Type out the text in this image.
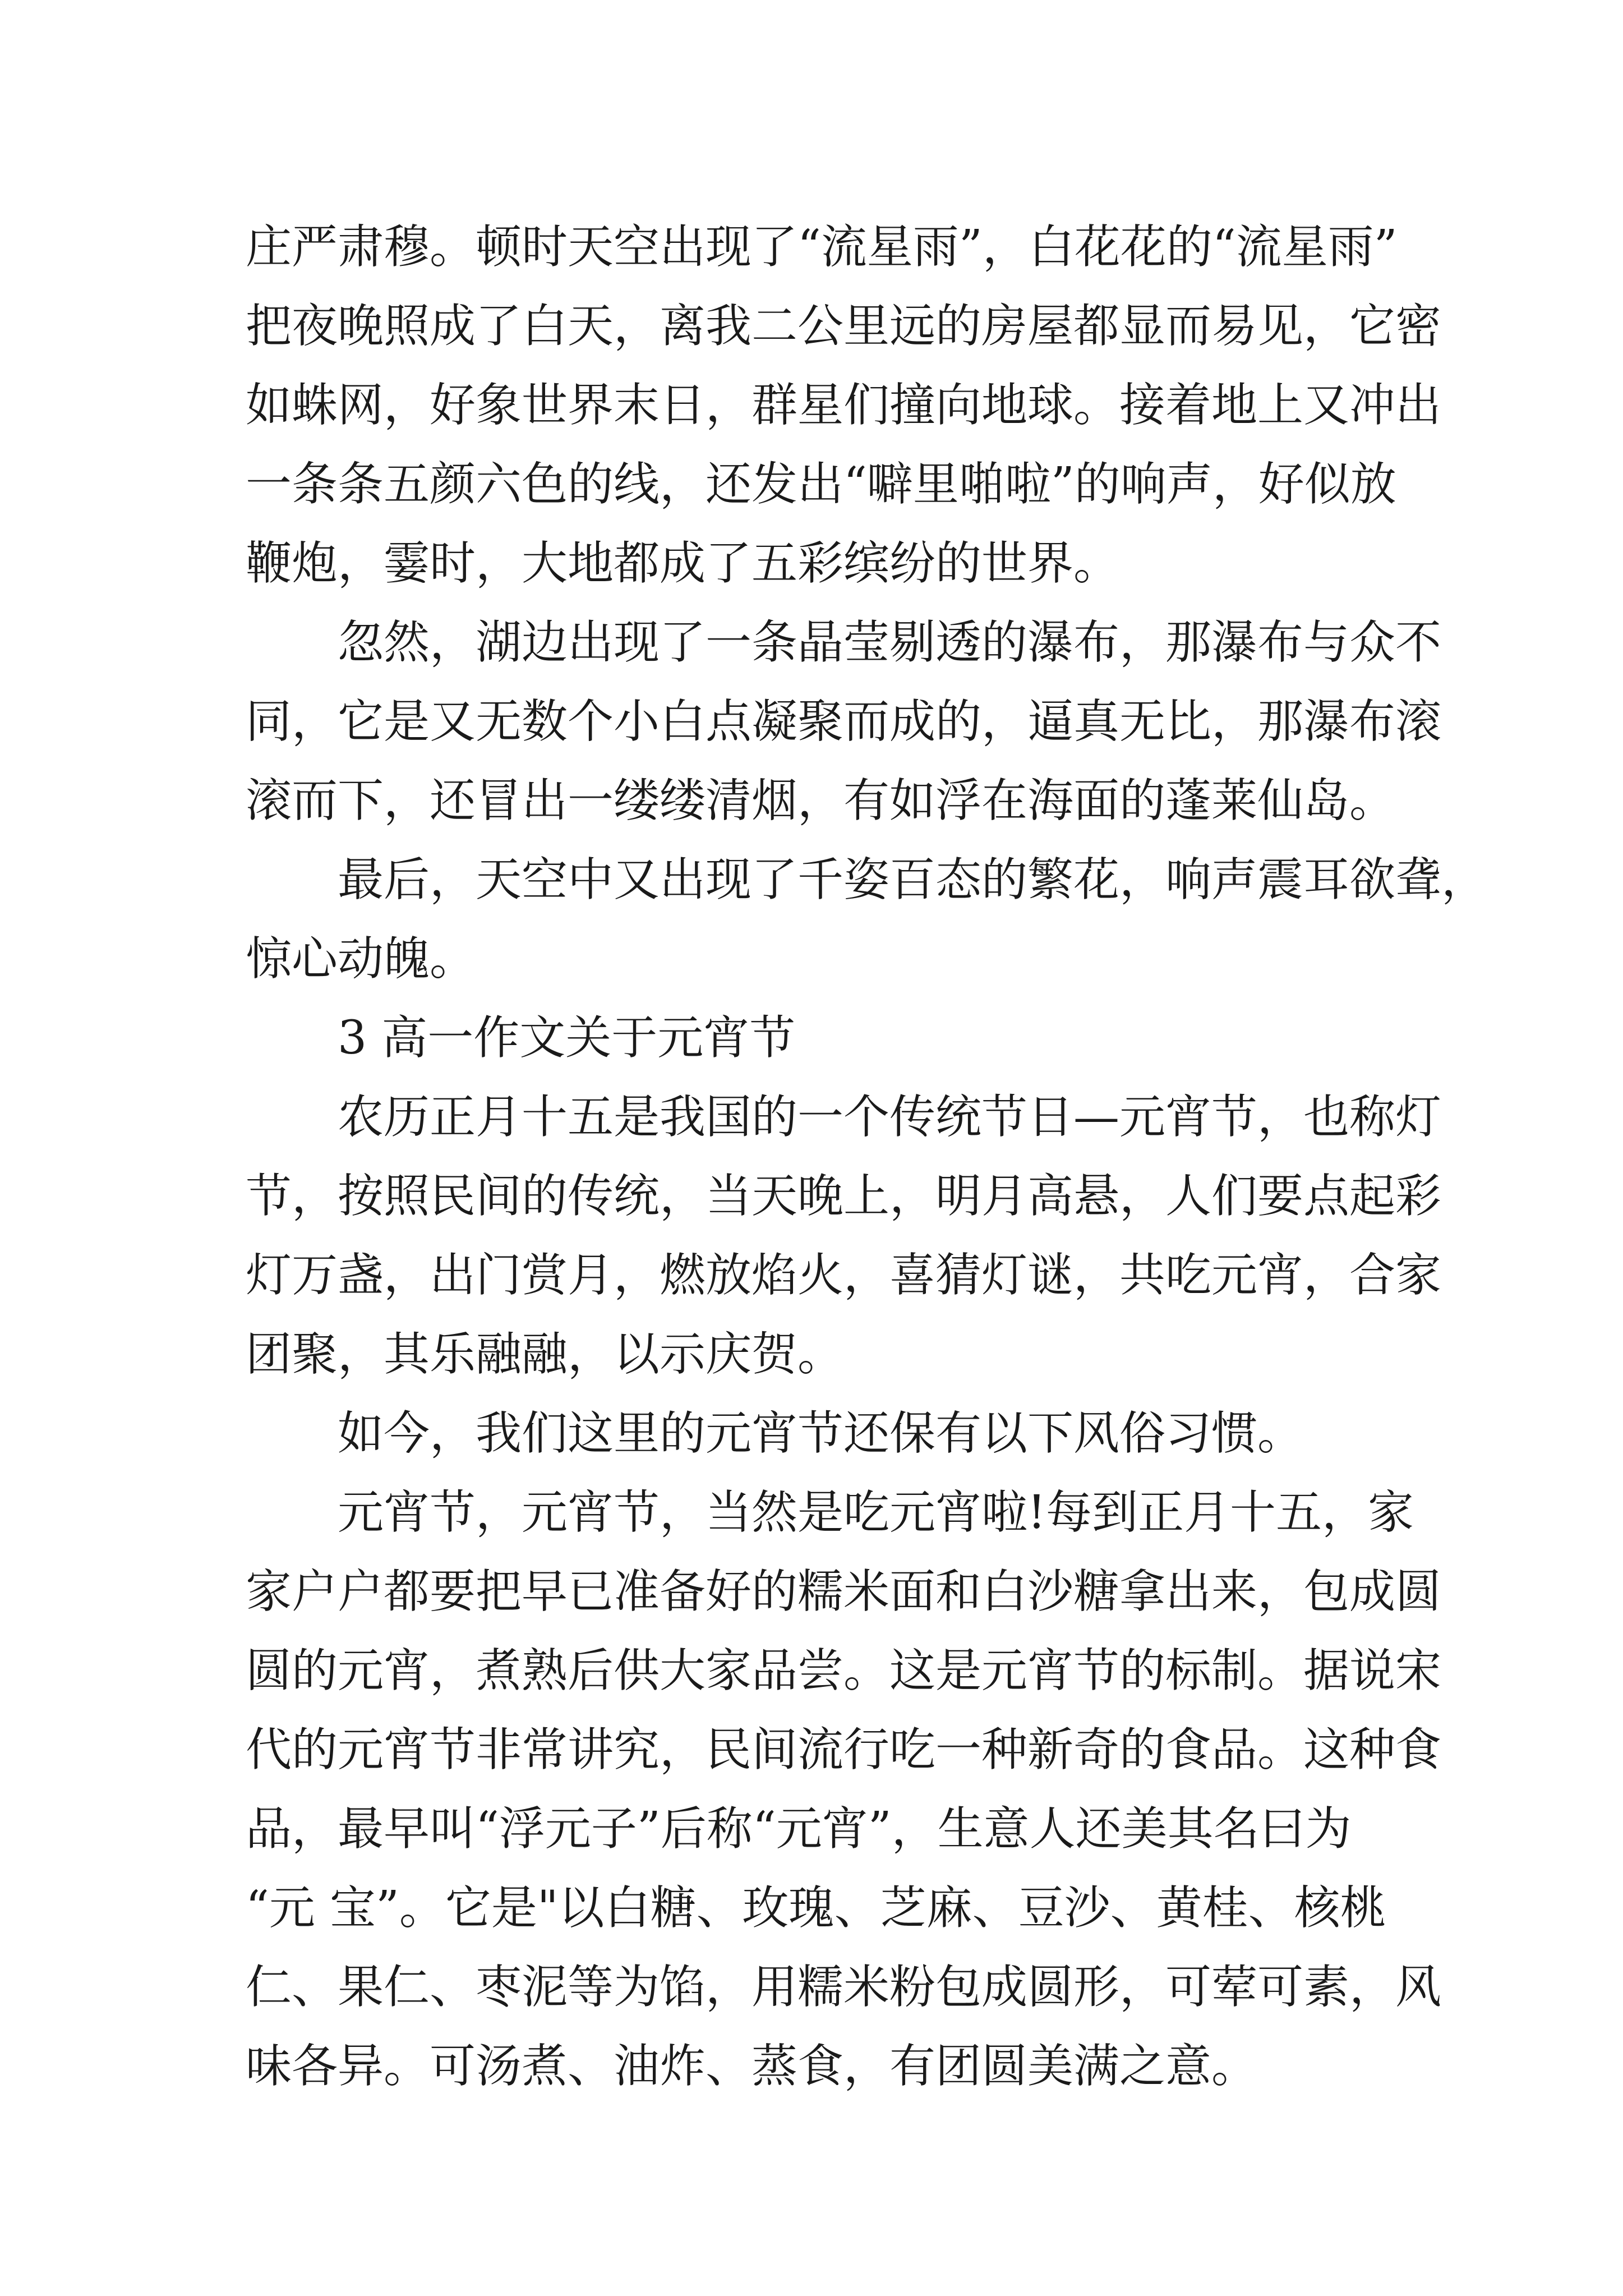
庄严肃穆。顿时天空出现了“流星雨”，白花花的“流星雨”
把夜晚照成了白天，离我二公里远的房屋都显而易见，它密
如蛛网，好象世界末日，群星们撞向地球。接着地上又冲出
一条条五颜六色的线，还发出“噼里啪啦”的响声，好似放
鞭炮，霎时，大地都成了五彩缤纷的世界。
忽然，湖边出现了一条晶莹剔透的瀑布，那瀑布与众不
同，它是又无数个小白点凝聚而成的，逼真无比，那瀑布滚
滚而下，还冒出一缕缕清烟，有如浮在海面的蓬莱仙岛。
最后，天空中又出现了千姿百态的繁花，响声震耳欲聋，
惊心动魄。
3 高一作文关于元宵节
农历正月十五是我国的一个传统节日—元宵节，也称灯
节，按照民间的传统，当天晚上，明月高悬，人们要点起彩
灯万盏，出门赏月，燃放焰火，喜猜灯谜，共吃元宵，合家
团聚，其乐融融，以示庆贺。
如今，我们这里的元宵节还保有以下风俗习惯。
元宵节，元宵节，当然是吃元宵啦!每到正月十五，家
家户户都要把早已准备好的糯米面和白沙糖拿出来，包成圆
圆的元宵，煮熟后供大家品尝。这是元宵节的标制。据说宋
代的元宵节非常讲究，民间流行吃一种新奇的食品。这种食
品，最早叫“浮元子”后称“元宵”，生意人还美其名曰为
“元 宝”。它是"以白糖、玫瑰、芝麻、豆沙、黄桂、核桃
仁、果仁、枣泥等为馅，用糯米粉包成圆形，可荤可素，风
味各异。可汤煮、油炸、蒸食，有团圆美满之意。
